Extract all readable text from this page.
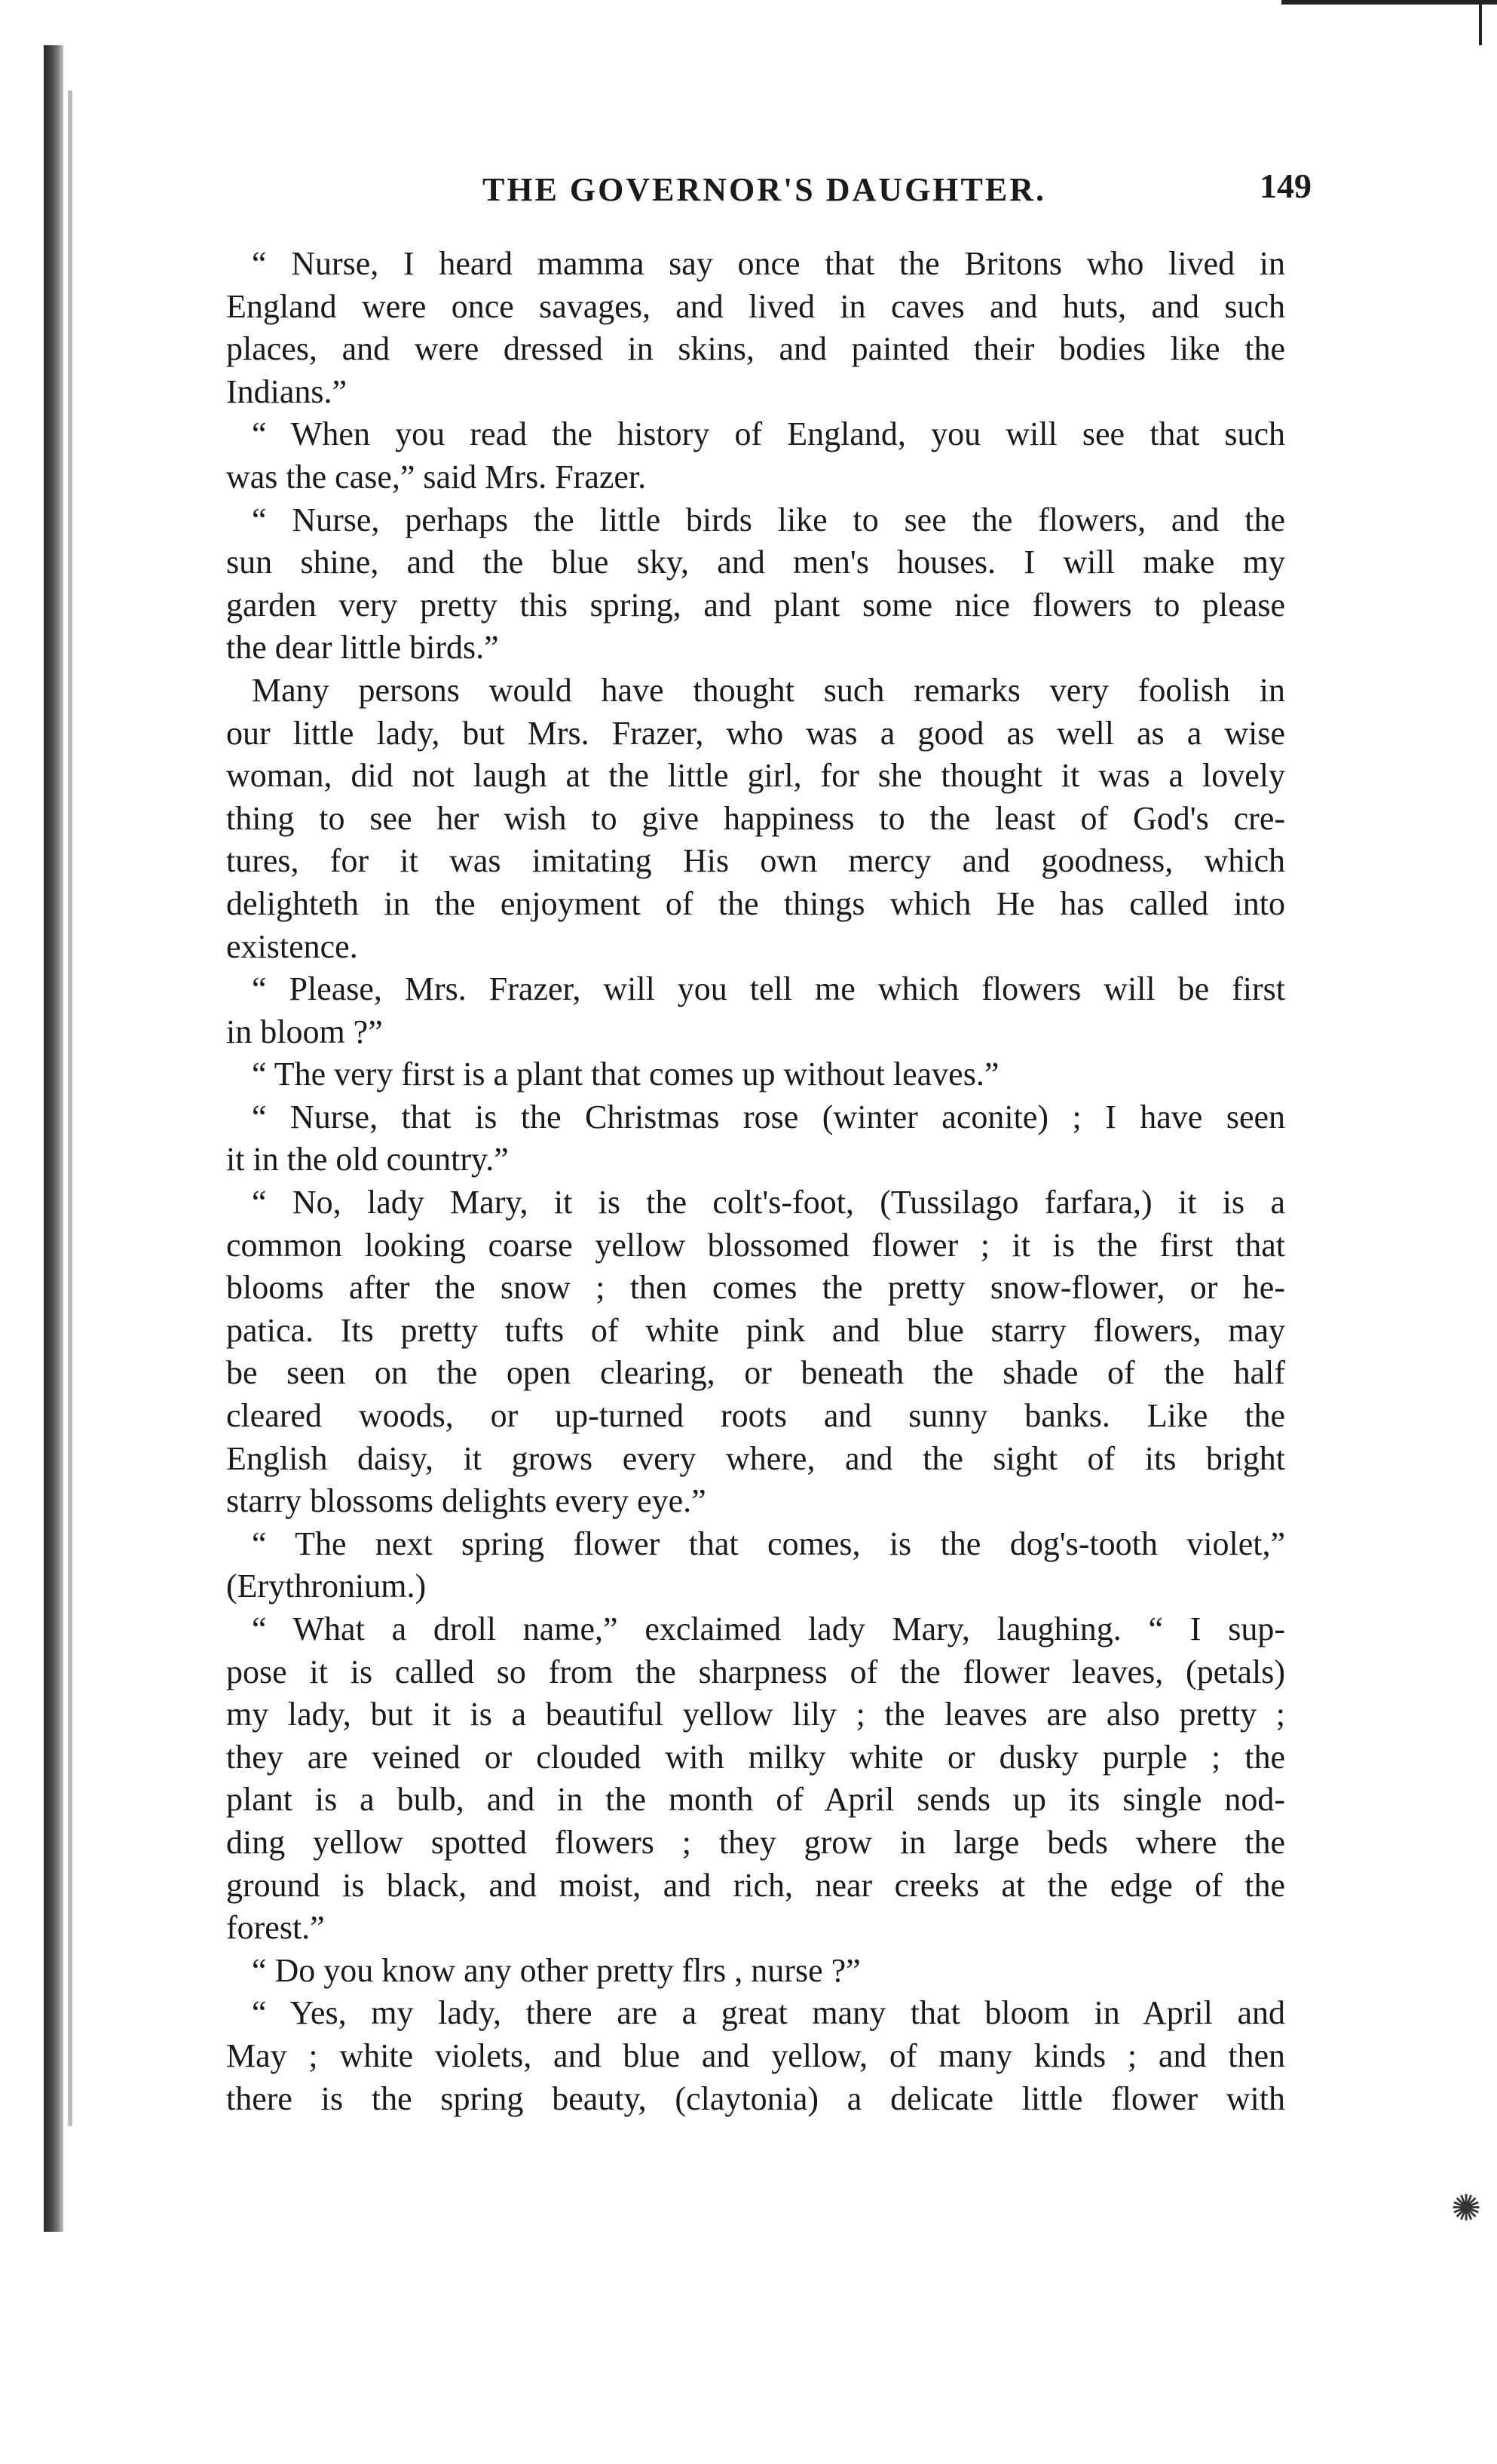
✺
THE GOVERNOR'S DAUGHTER.	149
“ Nurse, I heard mamma say once that the Britons who lived in
England were once savages, and lived in caves and huts, and such
places, and were dressed in skins, and painted their bodies like the
Indians.”
“ When you read the history of England, you will see that such
was the case,” said Mrs. Frazer.
“ Nurse, perhaps the little birds like to see the flowers, and the
sun shine, and the blue sky, and men's houses. I will make my
garden very pretty this spring, and plant some nice flowers to please
the dear little birds.”
Many persons would have thought such remarks very foolish in
our little lady, but Mrs. Frazer, who was a good as well as a wise
woman, did not laugh at the little girl, for she thought it was a lovely
thing to see her wish to give happiness to the least of God's cre-
tures, for it was imitating His own mercy and goodness, which
delighteth in the enjoyment of the things which He has called into
existence.
“ Please, Mrs. Frazer, will you tell me which flowers will be first
in bloom ?”
“ The very first is a plant that comes up without leaves.”
“ Nurse, that is the Christmas rose (winter aconite) ; I have seen
it in the old country.”
“ No, lady Mary, it is the colt's-foot, (Tussilago farfara,) it is a
common looking coarse yellow blossomed flower ; it is the first that
blooms after the snow ; then comes the pretty snow-flower, or he-
patica. Its pretty tufts of white pink and blue starry flowers, may
be seen on the open clearing, or beneath the shade of the half
cleared woods, or up-turned roots and sunny banks. Like the
English daisy, it grows every where, and the sight of its bright
starry blossoms delights every eye.”
“ The next spring flower that comes, is the dog's-tooth violet,”
(Erythronium.)
“ What a droll name,” exclaimed lady Mary, laughing. “ I sup-
pose it is called so from the sharpness of the flower leaves, (petals)
my lady, but it is a beautiful yellow lily ; the leaves are also pretty ;
they are veined or clouded with milky white or dusky purple ; the
plant is a bulb, and in the month of April sends up its single nod-
ding yellow spotted flowers ; they grow in large beds where the
ground is black, and moist, and rich, near creeks at the edge of the
forest.”
“ Do you know any other pretty flrs , nurse ?”
“ Yes, my lady, there are a great many that bloom in April and
May ; white violets, and blue and yellow, of many kinds ; and then
there is the spring beauty, (claytonia) a delicate little flower with
